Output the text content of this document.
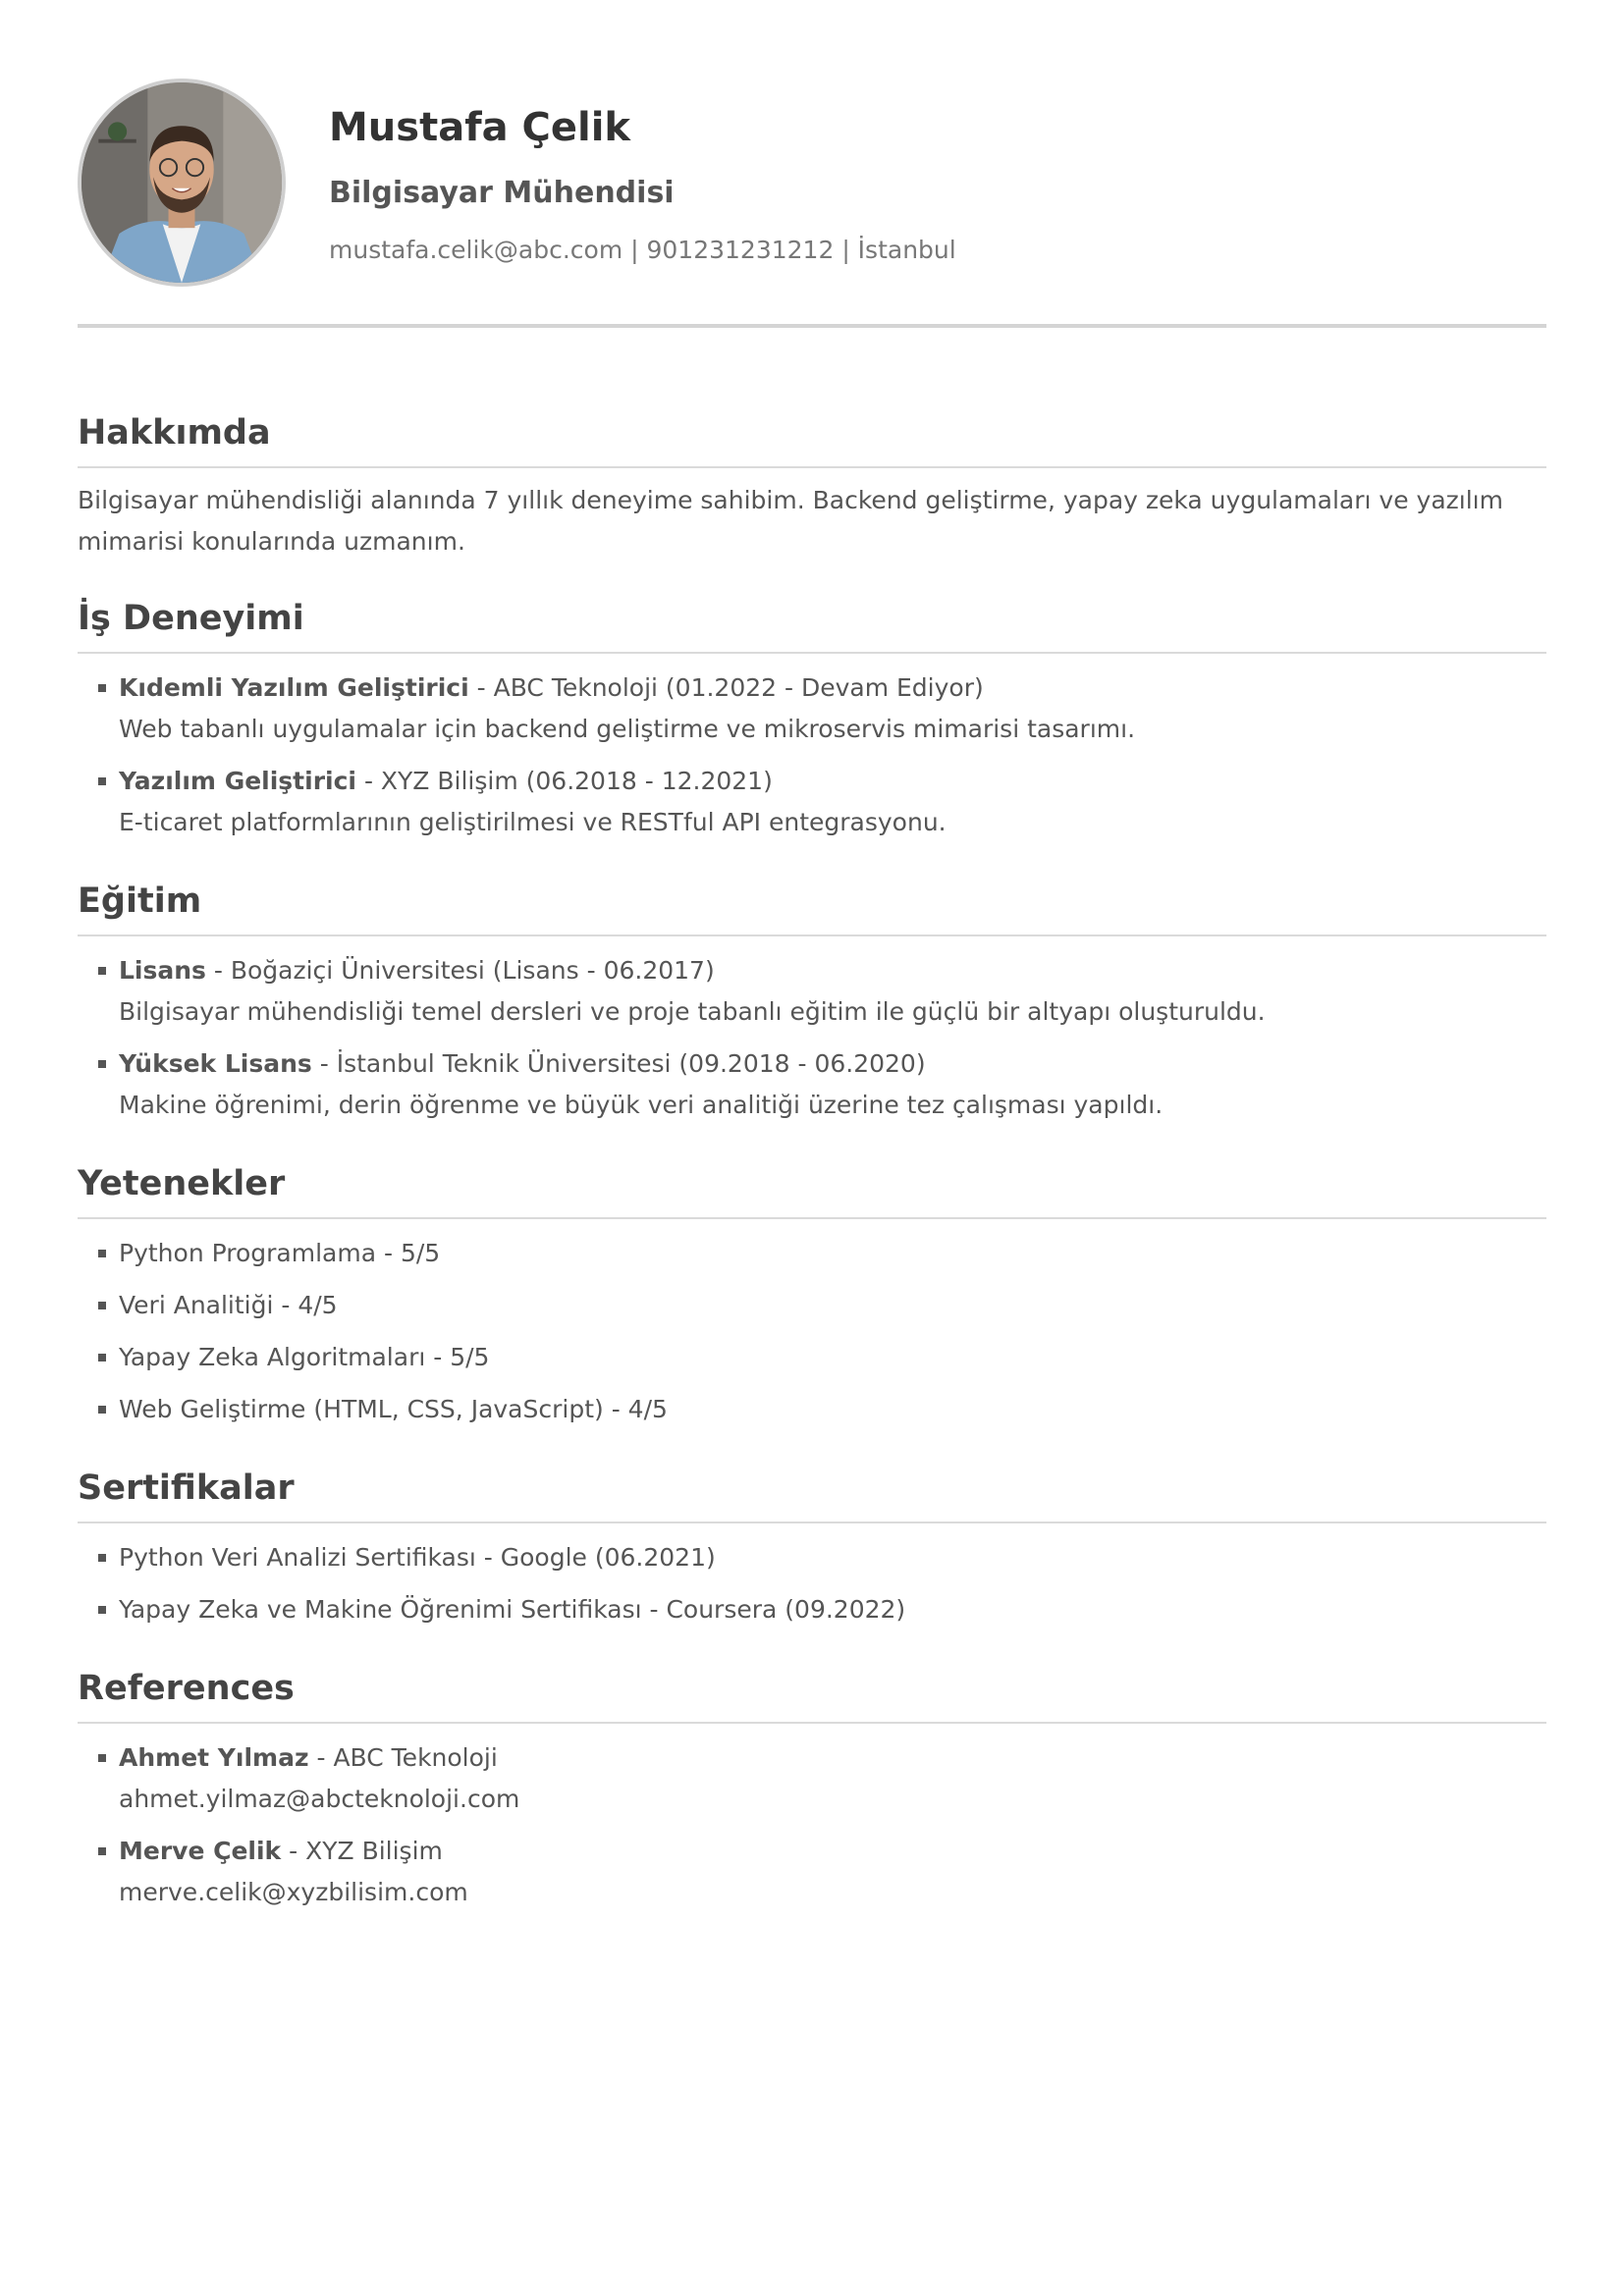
Mustafa Çelik
Bilgisayar Mühendisi
mustafa.celik@abc.com | 901231231212 | İstanbul
Hakkımda
Bilgisayar mühendisliği alanında 7 yıllık deneyime sahibim. Backend geliştirme, yapay zeka uygulamaları ve yazılım mimarisi konularında uzmanım.
İş Deneyimi
Kıdemli Yazılım Geliştirici - ABC Teknoloji (01.2022 - Devam Ediyor)
Web tabanlı uygulamalar için backend geliştirme ve mikroservis mimarisi tasarımı.
Yazılım Geliştirici - XYZ Bilişim (06.2018 - 12.2021)
E-ticaret platformlarının geliştirilmesi ve RESTful API entegrasyonu.
Eğitim
Lisans - Boğaziçi Üniversitesi (Lisans - 06.2017)
Bilgisayar mühendisliği temel dersleri ve proje tabanlı eğitim ile güçlü bir altyapı oluşturuldu.
Yüksek Lisans - İstanbul Teknik Üniversitesi (09.2018 - 06.2020)
Makine öğrenimi, derin öğrenme ve büyük veri analitiği üzerine tez çalışması yapıldı.
Yetenekler
Python Programlama - 5/5
Veri Analitiği - 4/5
Yapay Zeka Algoritmaları - 5/5
Web Geliştirme (HTML, CSS, JavaScript) - 4/5
Sertifikalar
Python Veri Analizi Sertifikası - Google (06.2021)
Yapay Zeka ve Makine Öğrenimi Sertifikası - Coursera (09.2022)
References
Ahmet Yılmaz - ABC Teknoloji
ahmet.yilmaz@abcteknoloji.com
Merve Çelik - XYZ Bilişim
merve.celik@xyzbilisim.com
